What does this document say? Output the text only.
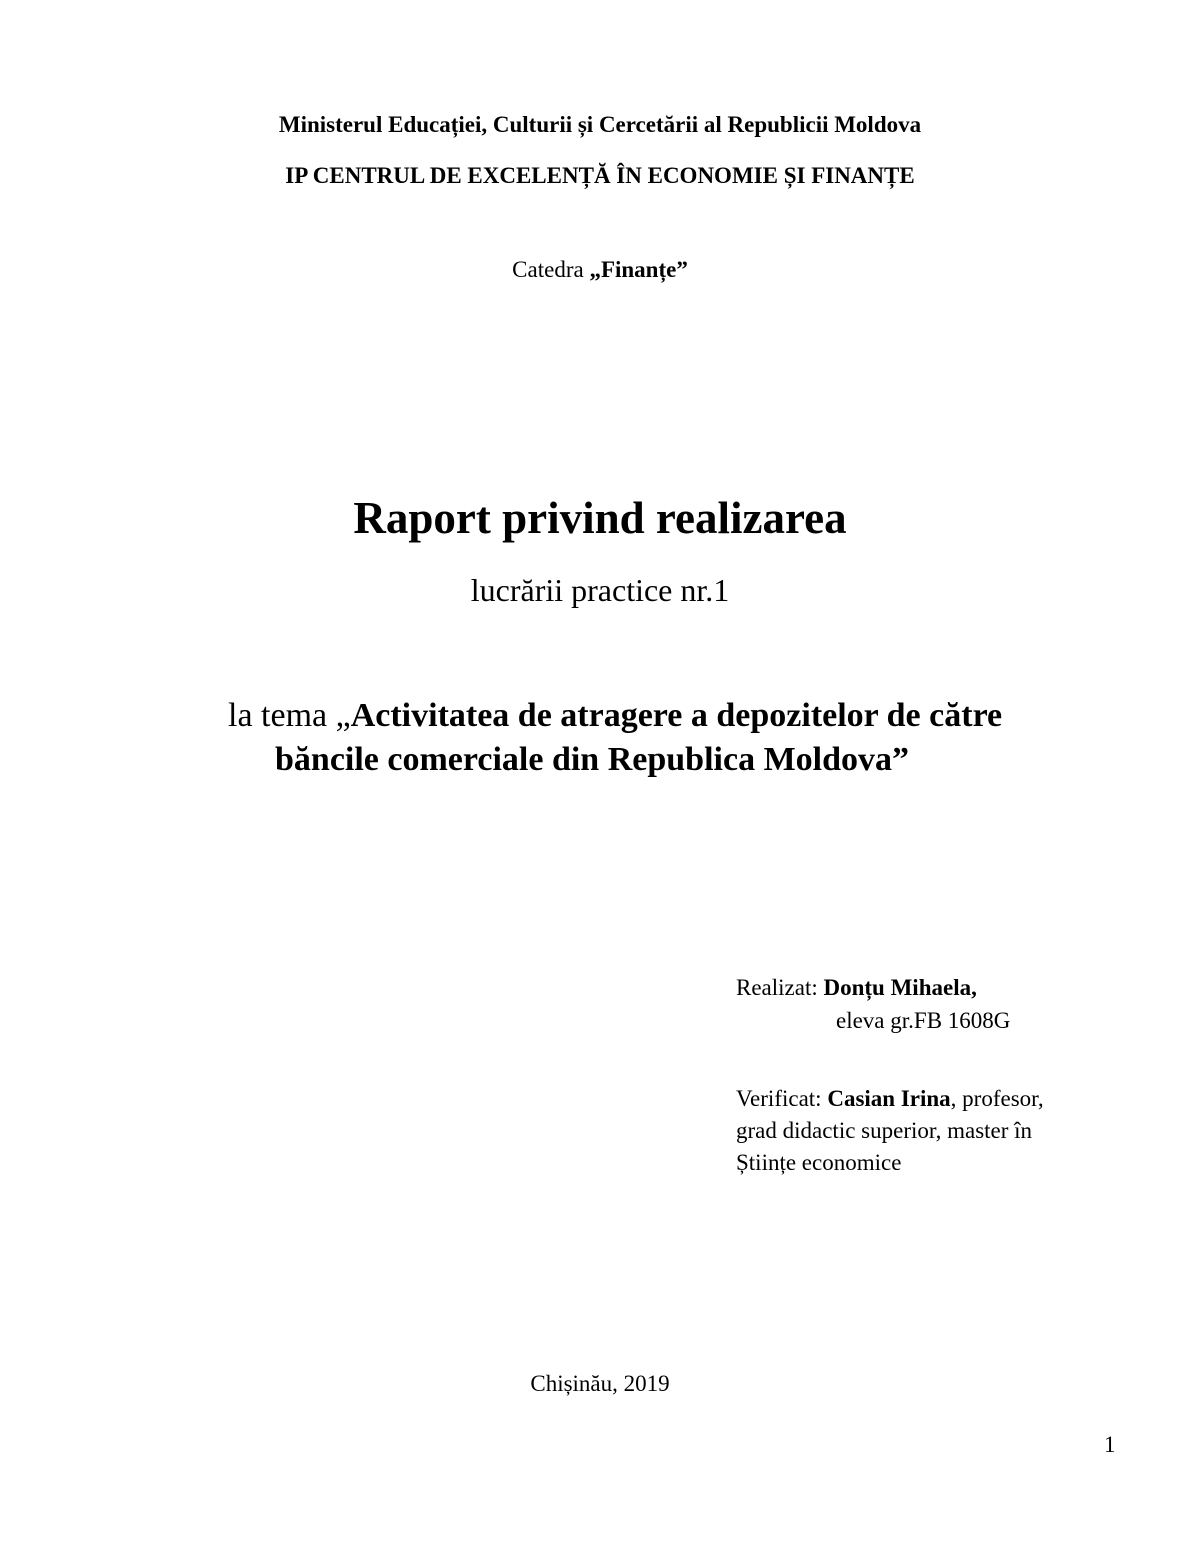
Ministerul Educației, Culturii și Cercetării al Republicii Moldova
IP CENTRUL DE EXCELENȚĂ ÎN ECONOMIE ȘI FINANȚE
Catedra „Finanțe”
Raport privind realizarea
lucrării practice nr.1
la tema „Activitatea de atragere a depozitelor de către
băncile comerciale din Republica Moldova”
Realizat: Donțu Mihaela,
eleva gr.FB 1608G
Verificat: Casian Irina, profesor,
grad didactic superior, master în
Științe economice
Chișinău, 2019
1
